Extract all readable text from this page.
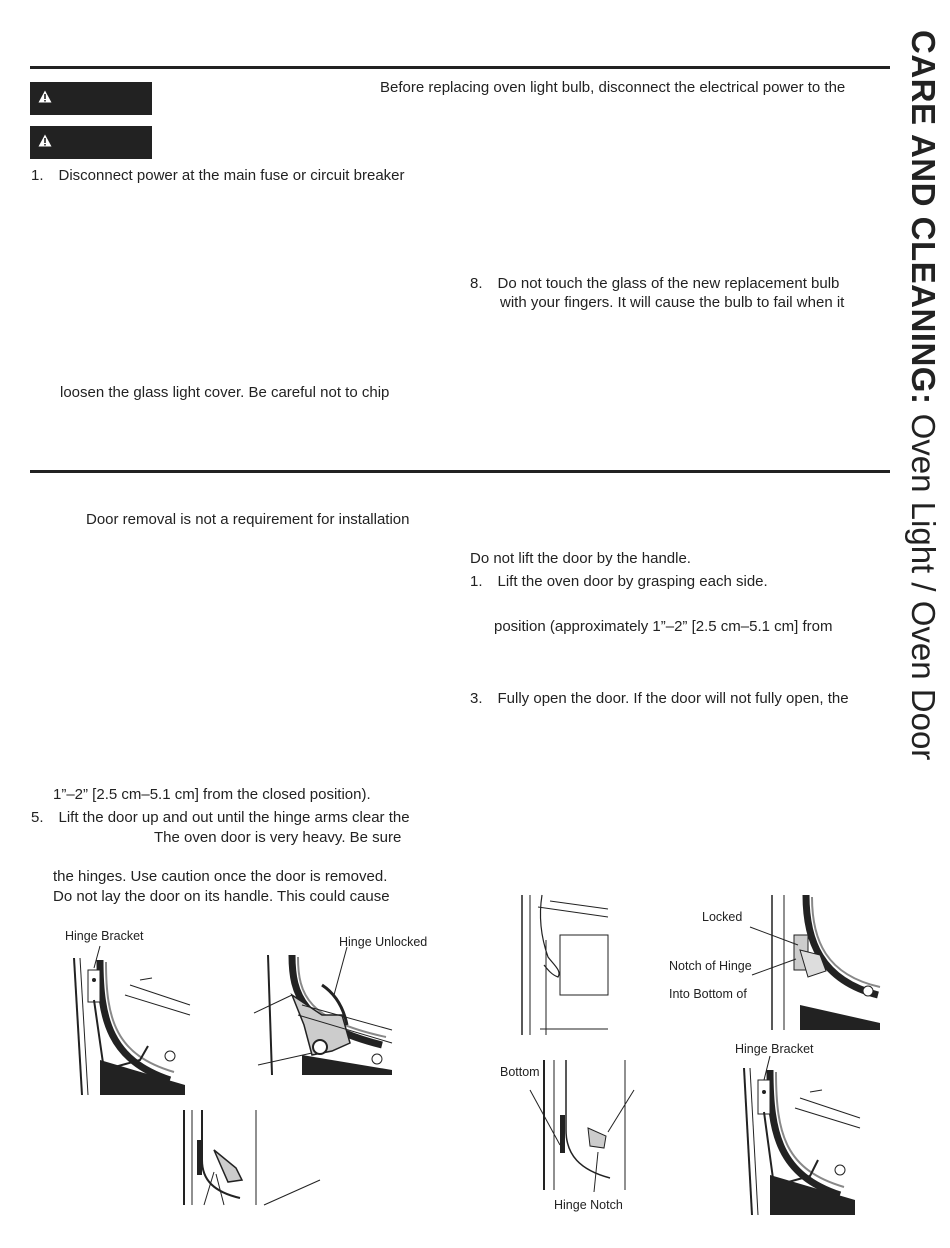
CARE AND CLEANING: Oven Light / Oven Door
Before replacing oven light bulb, disconnect the electrical power to the
1. Disconnect power at the main fuse or circuit breaker
loosen the glass light cover. Be careful not to chip
8. Do not touch the glass of the new replacement bulb
with your fingers. It will cause the bulb to fail when it
Door removal is not a requirement for installation
1”–2” [2.5 cm–5.1 cm] from the closed position).
5. Lift the door up and out until the hinge arms clear the
The oven door is very heavy. Be sure
the hinges. Use caution once the door is removed.
Do not lay the door on its handle. This could cause
Do not lift the door by the handle.
1. Lift the oven door by grasping each side.
position (approximately 1”–2” [2.5 cm–5.1 cm] from
3. Fully open the door. If the door will not fully open, the
Hinge Bracket	Hinge Unlocked
Locked
Notch of Hinge
Into Bottom of
Hinge Bracket
Bottom
Hinge Notch
